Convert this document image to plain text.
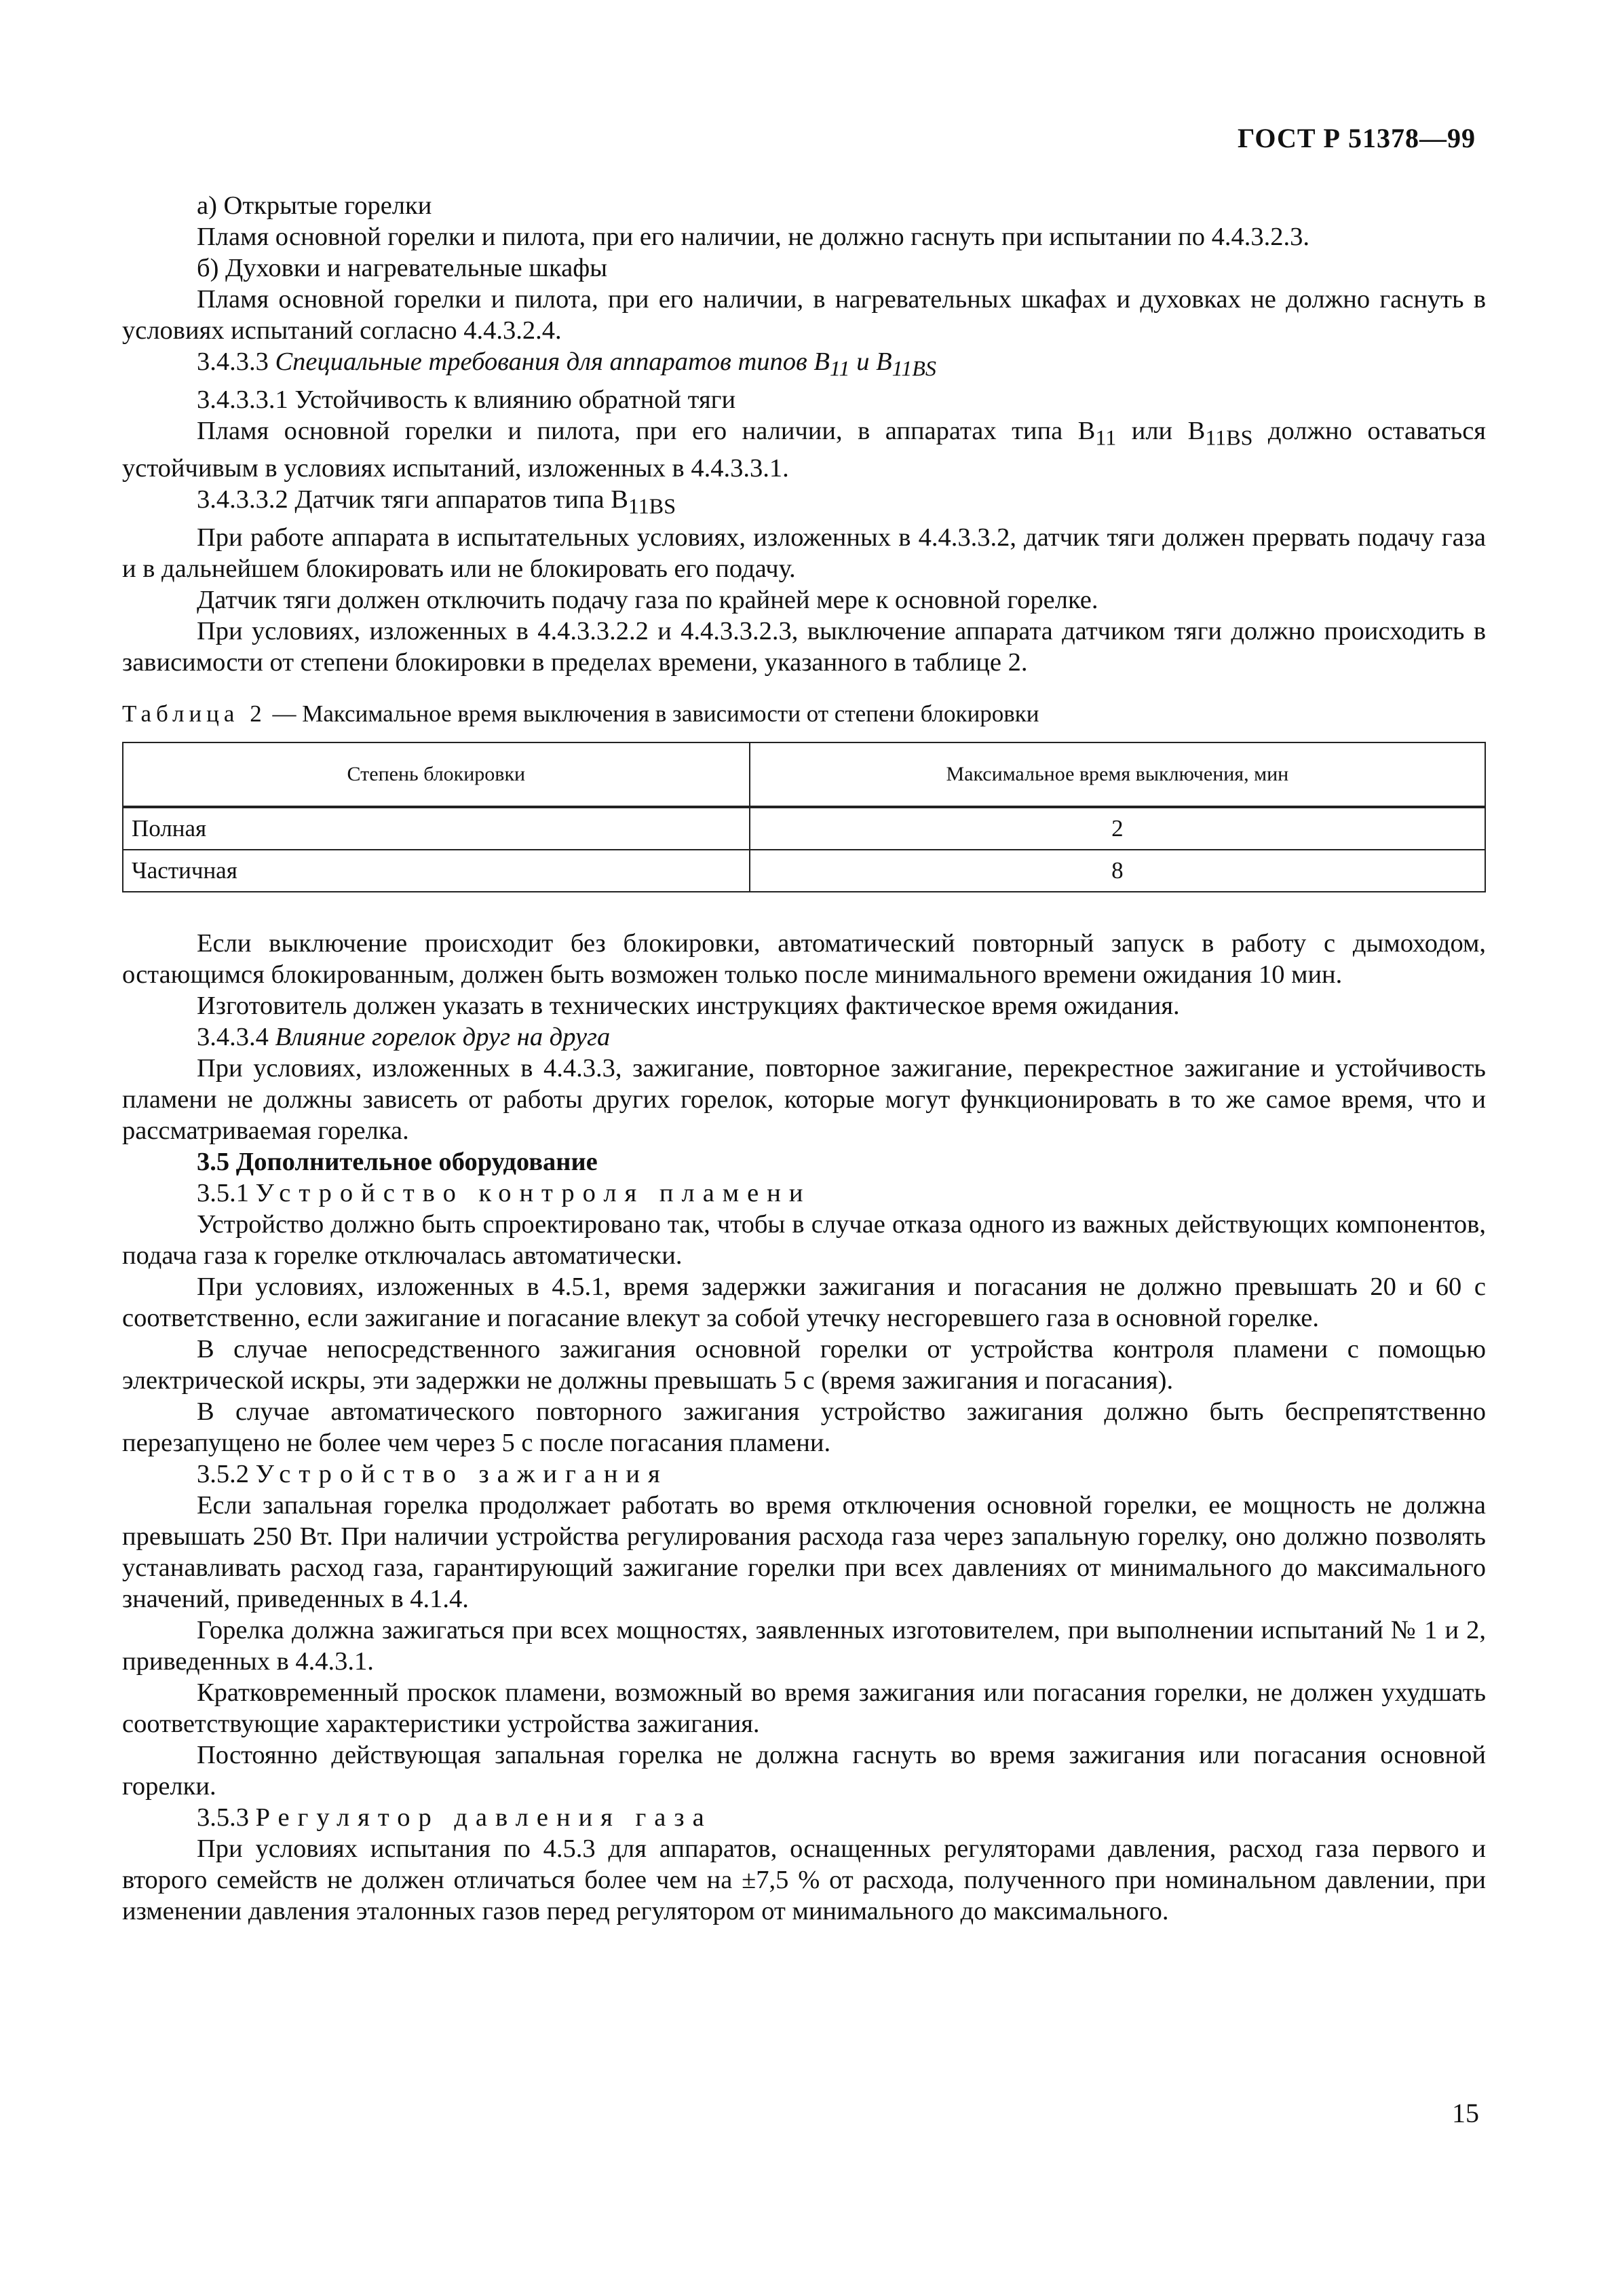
ГОСТ Р 51378—99

а) Открытые горелки

Пламя основной горелки и пилота, при его наличии, не должно гаснуть при испытании по 4.4.3.2.3.

б) Духовки и нагревательные шкафы

Пламя основной горелки и пилота, при его наличии, в нагревательных шкафах и духовках не должно гаснуть в условиях испытаний согласно 4.4.3.2.4.

3.4.3.3 Специальные требования для аппаратов типов $B_{11}$ и $B_{11BS}$

3.4.3.3.1 Устойчивость к влиянию обратной тяги

Пламя основной горелки и пилота, при его наличии, в аппаратах типа $B_{11}$ или $B_{11BS}$ должно оставаться устойчивым в условиях испытаний, изложенных в 4.4.3.3.1.

3.4.3.3.2 Датчик тяги аппаратов типа $B_{11BS}$

При работе аппарата в испытательных условиях, изложенных в 4.4.3.3.2, датчик тяги должен прервать подачу газа и в дальнейшем блокировать или не блокировать его подачу.

Датчик тяги должен отключить подачу газа по крайней мере к основной горелке.

При условиях, изложенных в 4.4.3.3.2.2 и 4.4.3.3.2.3, выключение аппарата датчиком тяги должно происходить в зависимости от степени блокировки в пределах времени, указанного в таблице 2.

Таблица 2 — Максимальное время выключения в зависимости от степени блокировки

Степень блокировки	Максимальное время выключения, мин
Полная	2
Частичная	8

Если выключение происходит без блокировки, автоматический повторный запуск в работу с дымоходом, остающимся блокированным, должен быть возможен только после минимального времени ожидания 10 мин.

Изготовитель должен указать в технических инструкциях фактическое время ожидания.

3.4.3.4 Влияние горелок друг на друга

При условиях, изложенных в 4.4.3.3, зажигание, повторное зажигание, перекрестное зажигание и устойчивость пламени не должны зависеть от работы других горелок, которые могут функционировать в то же самое время, что и рассматриваемая горелка.

3.5 Дополнительное оборудование

3.5.1 Устройство контроля пламени

Устройство должно быть спроектировано так, чтобы в случае отказа одного из важных действующих компонентов, подача газа к горелке отключалась автоматически.

При условиях, изложенных в 4.5.1, время задержки зажигания и погасания не должно превышать 20 и 60 с соответственно, если зажигание и погасание влекут за собой утечку несгоревшего газа в основной горелке.

В случае непосредственного зажигания основной горелки от устройства контроля пламени с помощью электрической искры, эти задержки не должны превышать 5 с (время зажигания и погасания).

В случае автоматического повторного зажигания устройство зажигания должно быть беспрепятственно перезапущено не более чем через 5 с после погасания пламени.

3.5.2 Устройство зажигания

Если запальная горелка продолжает работать во время отключения основной горелки, ее мощность не должна превышать 250 Вт. При наличии устройства регулирования расхода газа через запальную горелку, оно должно позволять устанавливать расход газа, гарантирующий зажигание горелки при всех давлениях от минимального до максимального значений, приведенных в 4.1.4.

Горелка должна зажигаться при всех мощностях, заявленных изготовителем, при выполнении испытаний № 1 и 2, приведенных в 4.4.3.1.

Кратковременный проскок пламени, возможный во время зажигания или погасания горелки, не должен ухудшать соответствующие характеристики устройства зажигания.

Постоянно действующая запальная горелка не должна гаснуть во время зажигания или погасания основной горелки.

3.5.3 Регулятор давления газа

При условиях испытания по 4.5.3 для аппаратов, оснащенных регуляторами давления, расход газа первого и второго семейств не должен отличаться более чем на ±7,5 % от расхода, полученного при номинальном давлении, при изменении давления эталонных газов перед регулятором от минимального до максимального.

15
